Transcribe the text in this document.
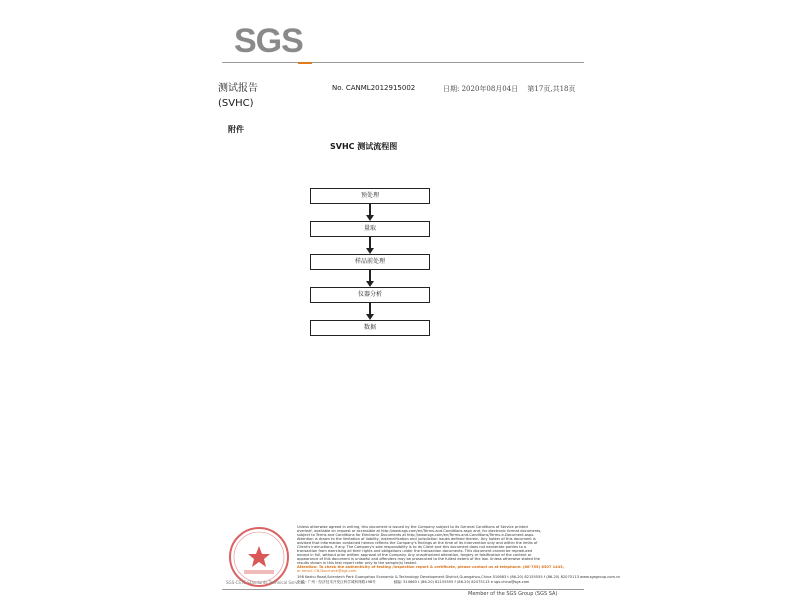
SGS
测试报告
(SVHC)
No. CANML2012915002	日期: 2020年08月04日　 第17页,共18页
附件
SVHC 测试流程图
预处理
量取
样品前处理
仪器分析
数据
SGS-CSTC Standards Technical Services
Unless otherwise agreed in writing, this document is issued by the Company subject to its General Conditions of Service printed
overleaf, available on request or accessible at http://www.sgs.com/en/Terms-and-Conditions.aspx and, for electronic format documents,
subject to Terms and Conditions for Electronic Documents at http://www.sgs.com/en/Terms-and-Conditions/Terms-e-Document.aspx.
Attention is drawn to the limitation of liability, indemnification and jurisdiction issues defined therein. Any holder of this document is
advised that information contained hereon reflects the Company's findings at the time of its intervention only and within the limits of
Client's instructions, if any. The Company's sole responsibility is to its Client and this document does not exonerate parties to a
transaction from exercising all their rights and obligations under the transaction documents. This document cannot be reproduced
except in full, without prior written approval of the Company. Any unauthorized alteration, forgery or falsification of the content or
appearance of this document is unlawful and offenders may be prosecuted to the fullest extent of the law. Unless otherwise stated the
results shown in this test report refer only to the sample(s) tested.
Attention: To check the authenticity of testing /inspection report & certificate, please contact us at telephone: (86-755) 8307 1443,
or email: CN.Doccheck@sgs.com
198 Kezhu Road,Scientech Park Guangzhou Economic & Technology Development District,Guangzhou,China 510663 t (86-20) 82155555 f (86-20) 82075113 www.sgsgroup.com.cn
中国・广州・经济技术开发区科学城科珠路198号　　　　　邮编: 510663 t (86-20) 82155555 f (86-20) 82075113 e sgs.china@sgs.com
Member of the SGS Group (SGS SA)
